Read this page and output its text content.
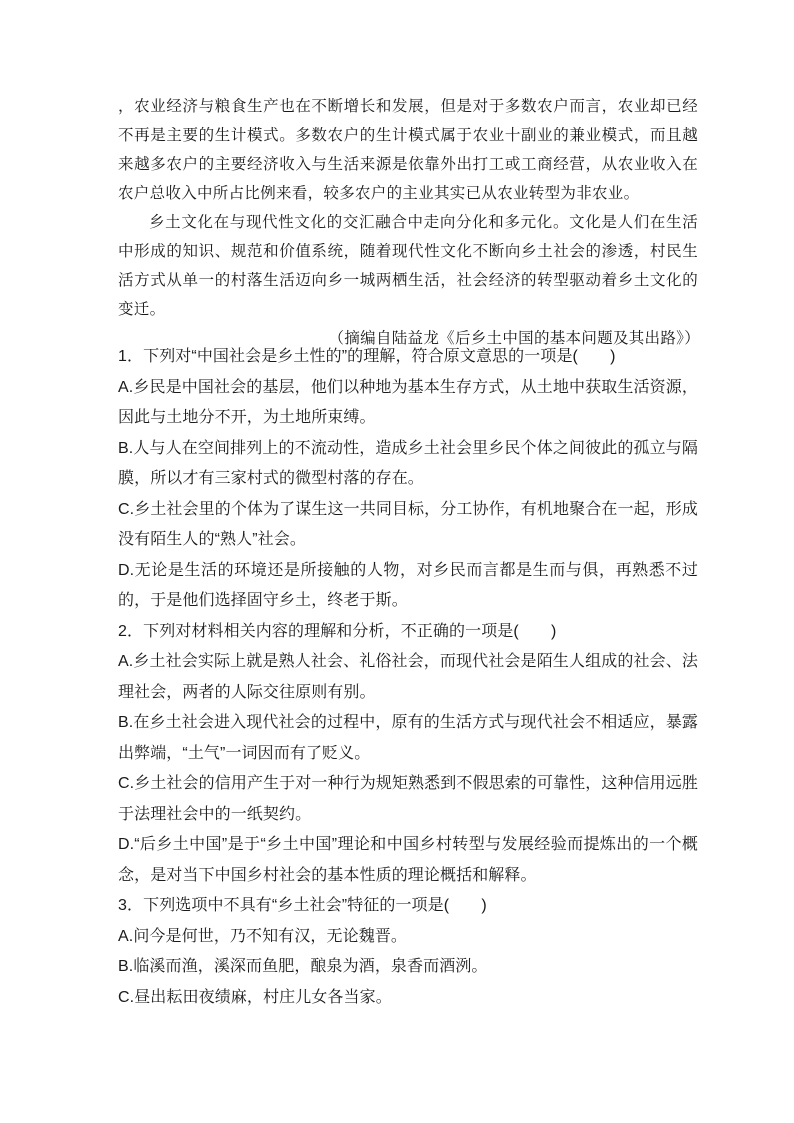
，农业经济与粮食生产也在不断增长和发展，但是对于多数农户而言，农业却已经不再是主要的生计模式。多数农户的生计模式属于农业十副业的兼业模式，而且越来越多农户的主要经济收入与生活来源是依靠外出打工或工商经营，从农业收入在农户总收入中所占比例来看，较多农户的主业其实已从农业转型为非农业。

乡土文化在与现代性文化的交汇融合中走向分化和多元化。文化是人们在生活中形成的知识、规范和价值系统，随着现代性文化不断向乡土社会的渗透，村民生活方式从单一的村落生活迈向乡一城两栖生活，社会经济的转型驱动着乡土文化的变迁。

（摘编自陆益龙《后乡土中国的基本问题及其出路》）

1．下列对“中国社会是乡土性的”的理解，符合原文意思的一项是(　　)

A.乡民是中国社会的基层，他们以种地为基本生存方式，从土地中获取生活资源，因此与土地分不开，为土地所束缚。

B.人与人在空间排列上的不流动性，造成乡土社会里乡民个体之间彼此的孤立与隔膜，所以才有三家村式的微型村落的存在。

C.乡土社会里的个体为了谋生这一共同目标，分工协作，有机地聚合在一起，形成没有陌生人的“熟人”社会。

D.无论是生活的环境还是所接触的人物，对乡民而言都是生而与俱，再熟悉不过的，于是他们选择固守乡土，终老于斯。

2．下列对材料相关内容的理解和分析，不正确的一项是(　　)

A.乡土社会实际上就是熟人社会、礼俗社会，而现代社会是陌生人组成的社会、法理社会，两者的人际交往原则有别。

B.在乡土社会进入现代社会的过程中，原有的生活方式与现代社会不相适应，暴露出弊端，“土气”一词因而有了贬义。

C.乡土社会的信用产生于对一种行为规矩熟悉到不假思索的可靠性，这种信用远胜于法理社会中的一纸契约。

D.“后乡土中国”是于“乡土中国”理论和中国乡村转型与发展经验而提炼出的一个概念，是对当下中国乡村社会的基本性质的理论概括和解释。

3．下列选项中不具有“乡土社会”特征的一项是(　　)

A.问今是何世，乃不知有汉，无论魏晋。

B.临溪而渔，溪深而鱼肥，酿泉为酒，泉香而酒洌。

C.昼出耘田夜绩麻，村庄儿女各当家。
